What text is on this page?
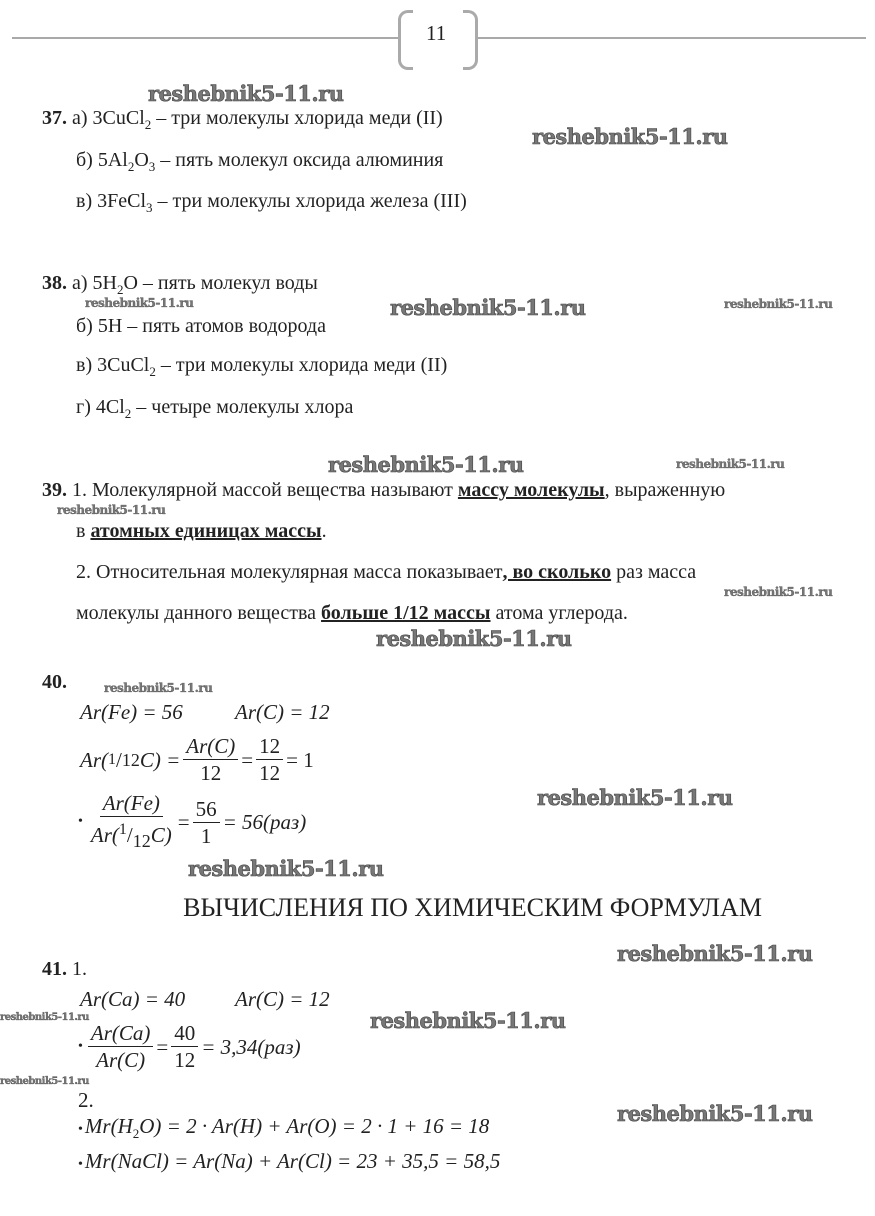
11
reshebnik5-11.ru
reshebnik5-11.ru
reshebnik5-11.ru	reshebnik5-11.ru	reshebnik5-11.ru
reshebnik5-11.ru	reshebnik5-11.ru
reshebnik5-11.ru
reshebnik5-11.ru
reshebnik5-11.ru
reshebnik5-11.ru
reshebnik5-11.ru
reshebnik5-11.ru
reshebnik5-11.ru
reshebnik5-11.ru	reshebnik5-11.ru
reshebnik5-11.ru
reshebnik5-11.ru
37. а) 3CuCl$_2$ – три молекулы хлорида меди (II)
б) $5Al_2O_3$ – пять молекул оксида алюминия
в) 3FeCl$_3$ – три молекулы хлорида железа (III)
38. а) $5H_2O$ – пять молекул воды
б) 5H – пять атомов водорода
в) 3CuCl$_2$ – три молекулы хлорида меди (II)
г) $4Cl_2$ – четыре молекулы хлора
39. 1. Молекулярной массой вещества называют массу молекулы, выраженную
в атомных единицах массы.
2. Относительная молекулярная масса показывает, во сколько раз масса
молекулы данного вещества больше 1/12 массы атома углерода.
40.
Ar(Fe) = 56 Ar(C) = 12
Ar( 1 / 12 $C) = \frac{Ar(C)}{12} = \frac{12}{12} = 1$
• $\frac{Ar(Fe)}{Ar(^1/_{12}C)} = \frac{56}{1} = 56(раз)$
ВЫЧИСЛЕНИЯ ПО ХИМИЧЕСКИМ ФОРМУЛАМ
41. 1.
Ar(Ca) = 40 Ar(C) = 12
• $\frac{Ar(Ca)}{Ar(C)} = \frac{40}{12} = 3,34(раз)$
2.
$•Mr(H_2O) = 2 \cdot Ar(H) + Ar(O) = 2 \cdot 1 + 16 = 18$
•Mr(NaCl) = Ar(Na) + Ar(Cl) = 23 + 35,5 = 58,5
